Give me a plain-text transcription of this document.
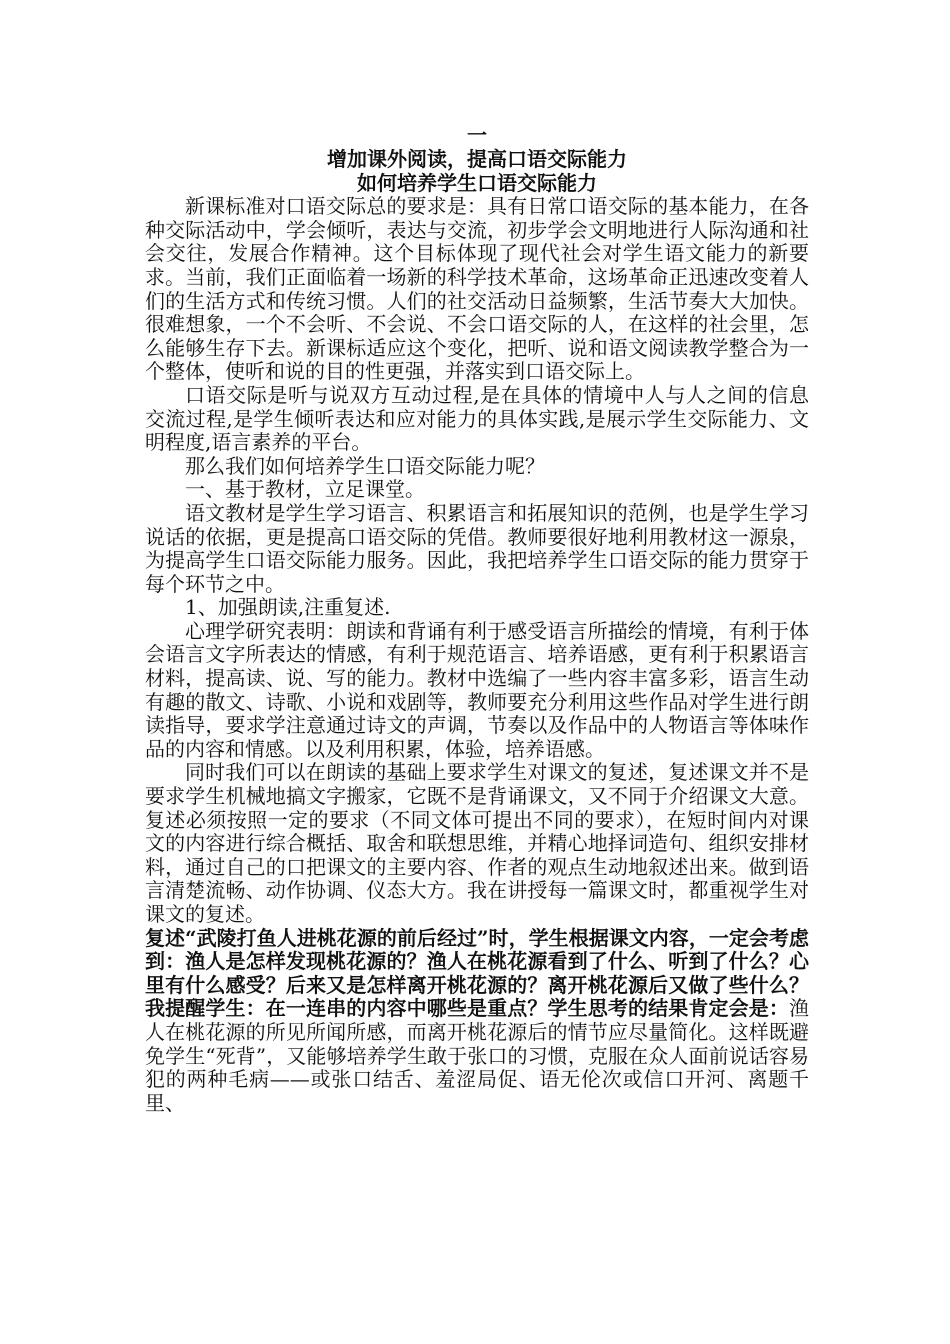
一
增加课外阅读，提高口语交际能力
如何培养学生口语交际能力

新课标准对口语交际总的要求是：具有日常口语交际的基本能力，在各种交际活动中，学会倾听，表达与交流，初步学会文明地进行人际沟通和社会交往，发展合作精神。这个目标体现了现代社会对学生语文能力的新要求。当前，我们正面临着一场新的科学技术革命，这场革命正迅速改变着人们的生活方式和传统习惯。人们的社交活动日益频繁，生活节奏大大加快。很难想象，一个不会听、不会说、不会口语交际的人，在这样的社会里，怎么能够生存下去。新课标适应这个变化，把听、说和语文阅读教学整合为一个整体，使听和说的目的性更强，并落实到口语交际上。

口语交际是听与说双方互动过程,是在具体的情境中人与人之间的信息交流过程,是学生倾听表达和应对能力的具体实践,是展示学生交际能力、文明程度,语言素养的平台。

那么我们如何培养学生口语交际能力呢？

一、基于教材，立足课堂。

语文教材是学生学习语言、积累语言和拓展知识的范例，也是学生学习说话的依据，更是提高口语交际的凭借。教师要很好地利用教材这一源泉，为提高学生口语交际能力服务。因此，我把培养学生口语交际的能力贯穿于每个环节之中。

1、加强朗读,注重复述.

心理学研究表明：朗读和背诵有利于感受语言所描绘的情境，有利于体会语言文字所表达的情感，有利于规范语言、培养语感，更有利于积累语言材料，提高读、说、写的能力。教材中选编了一些内容丰富多彩，语言生动有趣的散文、诗歌、小说和戏剧等，教师要充分利用这些作品对学生进行朗读指导，要求学注意通过诗文的声调，节奏以及作品中的人物语言等体味作品的内容和情感。以及利用积累，体验，培养语感。

同时我们可以在朗读的基础上要求学生对课文的复述，复述课文并不是要求学生机械地搞文字搬家，它既不是背诵课文，又不同于介绍课文大意。复述必须按照一定的要求（不同文体可提出不同的要求），在短时间内对课文的内容进行综合概括、取舍和联想思维，并精心地择词造句、组织安排材料，通过自己的口把课文的主要内容、作者的观点生动地叙述出来。做到语言清楚流畅、动作协调、仪态大方。我在讲授每一篇课文时，都重视学生对课文的复述。

复述“武陵打鱼人进桃花源的前后经过”时，学生根据课文内容，一定会考虑到：渔人是怎样发现桃花源的？渔人在桃花源看到了什么、听到了什么？心里有什么感受？后来又是怎样离开桃花源的？离开桃花源后又做了些什么？我提醒学生：在一连串的内容中哪些是重点？学生思考的结果肯定会是：渔人在桃花源的所见所闻所感，而离开桃花源后的情节应尽量简化。这样既避免学生“死背”，又能够培养学生敢于张口的习惯，克服在众人面前说话容易犯的两种毛病——或张口结舌、羞涩局促、语无伦次或信口开河、离题千里、
